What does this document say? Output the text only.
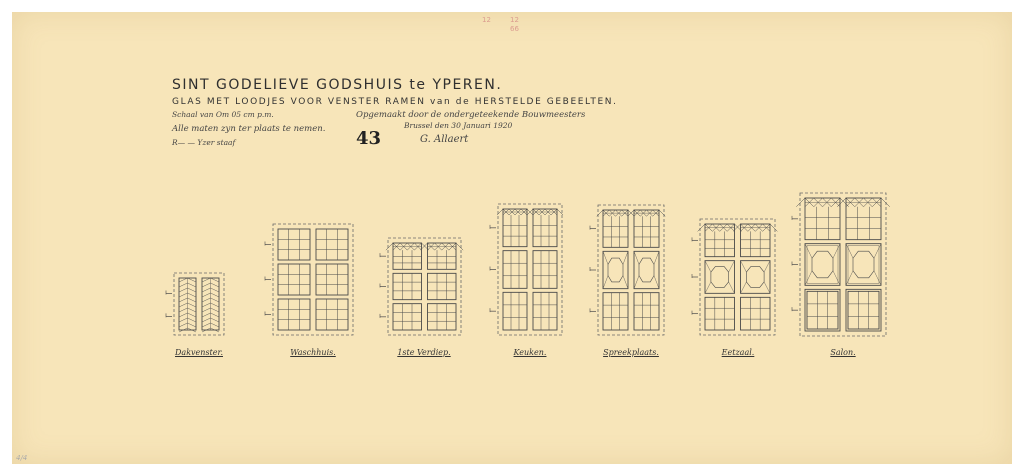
12	12 66
SINT GODELIEVE GODSHUIS te YPEREN.
GLAS MET LOODJES VOOR VENSTER RAMEN van de HERSTELDE GEBEELTEN.
Schaal van Om 05 cm p.m.
Alle maten zyn ter plaats te nemen.
R— — Yzer staaf
Opgemaakt door de ondergeteekende Bouwmeesters
Brussel den 30 Januari 1920
G. Allaert
43
Dakvenster.	Waschhuis.	1ste Verdiep.	Keuken.	Spreekplaats.	Eetzaal.	Salon.
4/4
